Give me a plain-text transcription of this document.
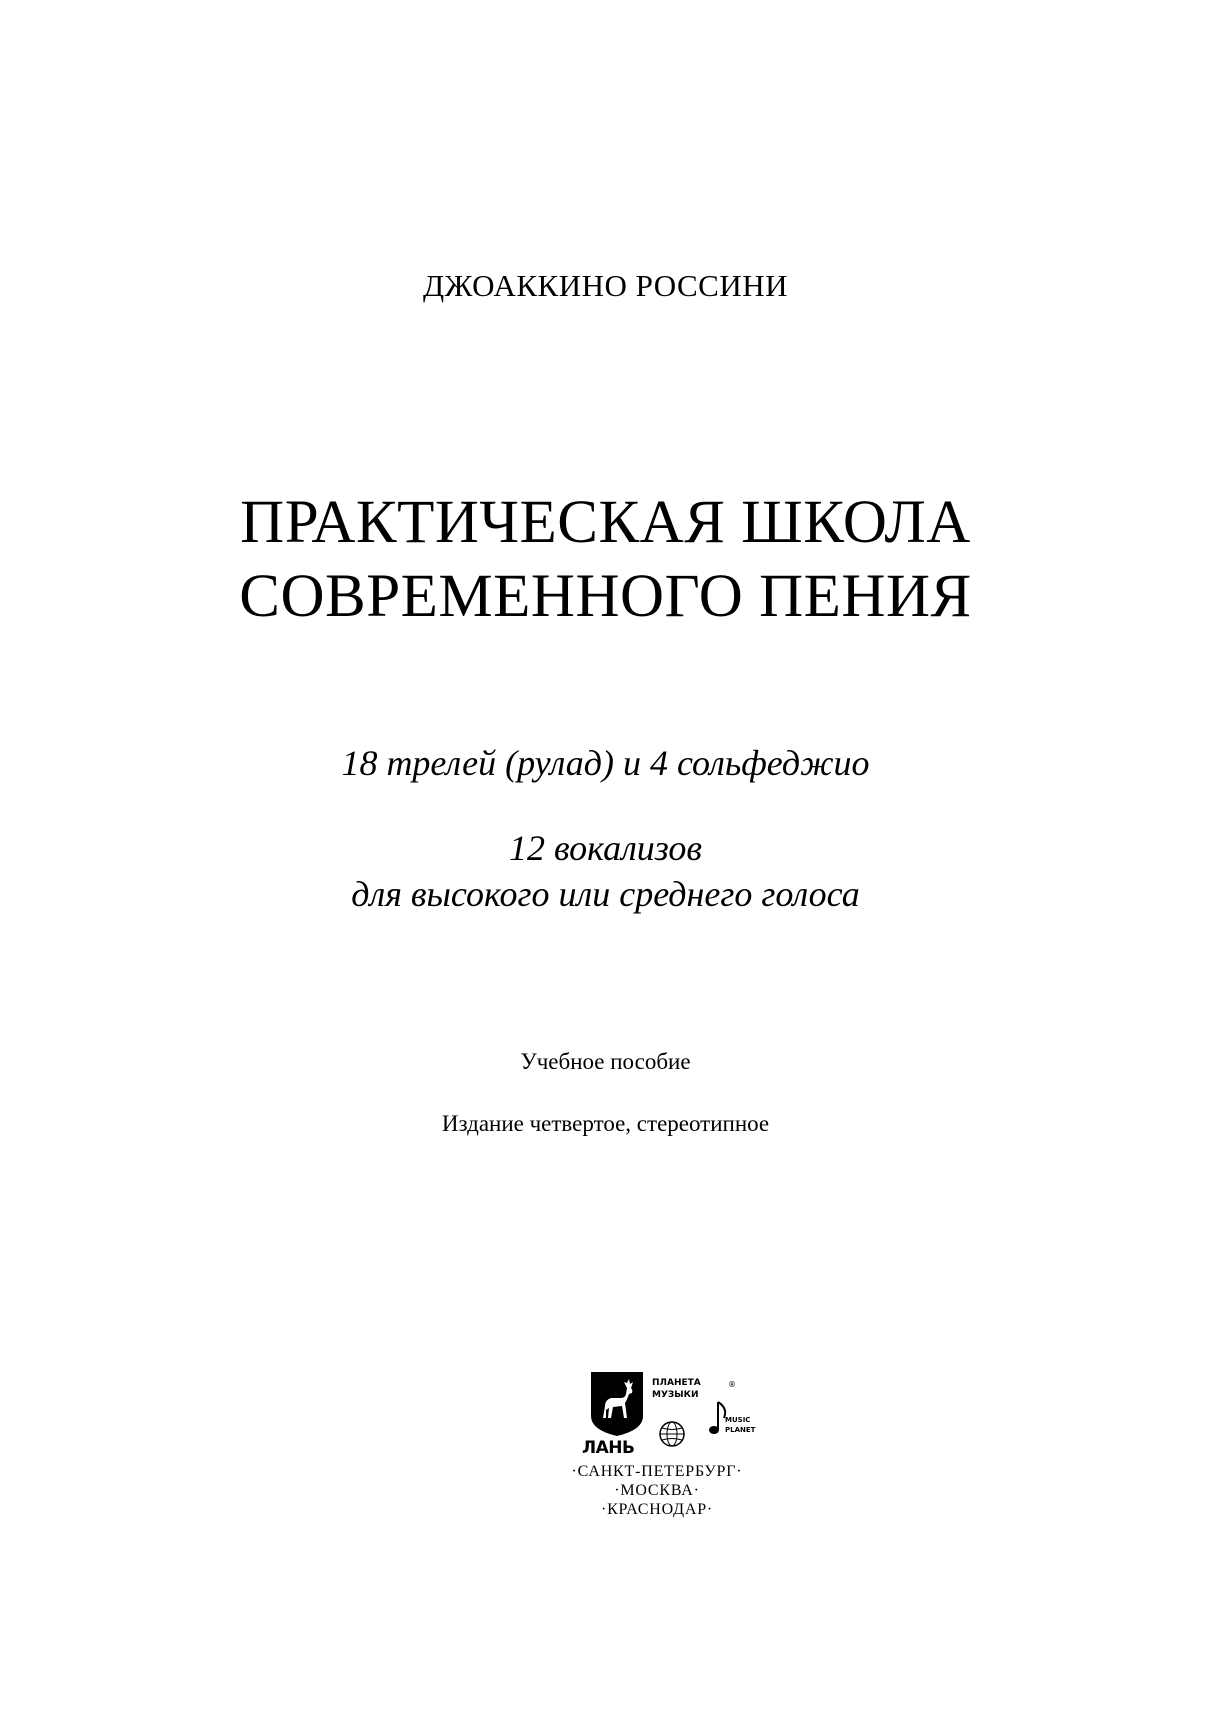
ДЖОАККИНО РОССИНИ

ПРАКТИЧЕСКАЯ ШКОЛА
СОВРЕМЕННОГО ПЕНИЯ

18 трелей (рулад) и 4 сольфеджио

12 вокализов
для высокого или среднего голоса

Учебное пособие

Издание четвертое, стереотипное

ЛАНЬ
ПЛАНЕТА
МУЗЫКИ
®
MUSIC
PLANET
·САНКТ-ПЕТЕРБУРГ·
·МОСКВА·
·КРАСНОДАР·
